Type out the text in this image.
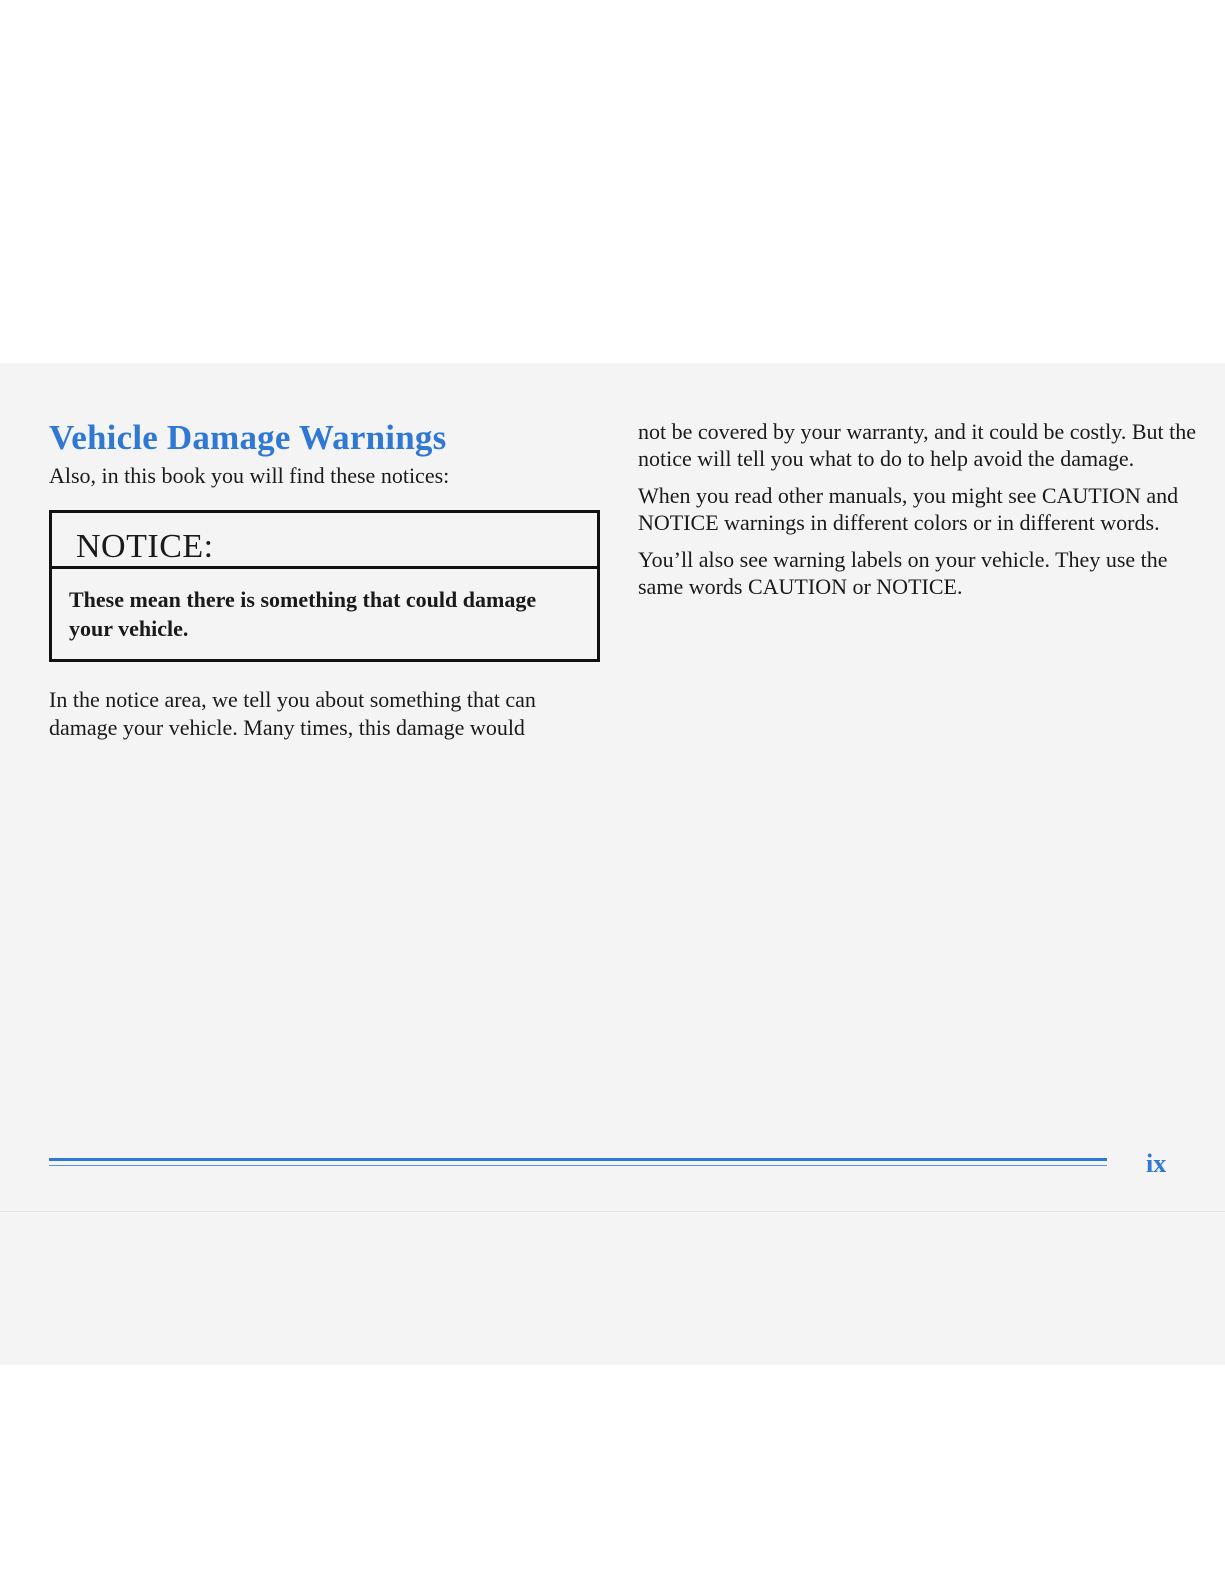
Vehicle Damage Warnings

Also, in this book you will find these notices:

NOTICE:
These mean there is something that could damage your vehicle.

In the notice area, we tell you about something that can damage your vehicle. Many times, this damage would

not be covered by your warranty, and it could be costly. But the notice will tell you what to do to help avoid the damage.

When you read other manuals, you might see CAUTION and NOTICE warnings in different colors or in different words.

You’ll also see warning labels on your vehicle. They use the same words CAUTION or NOTICE.

ix
